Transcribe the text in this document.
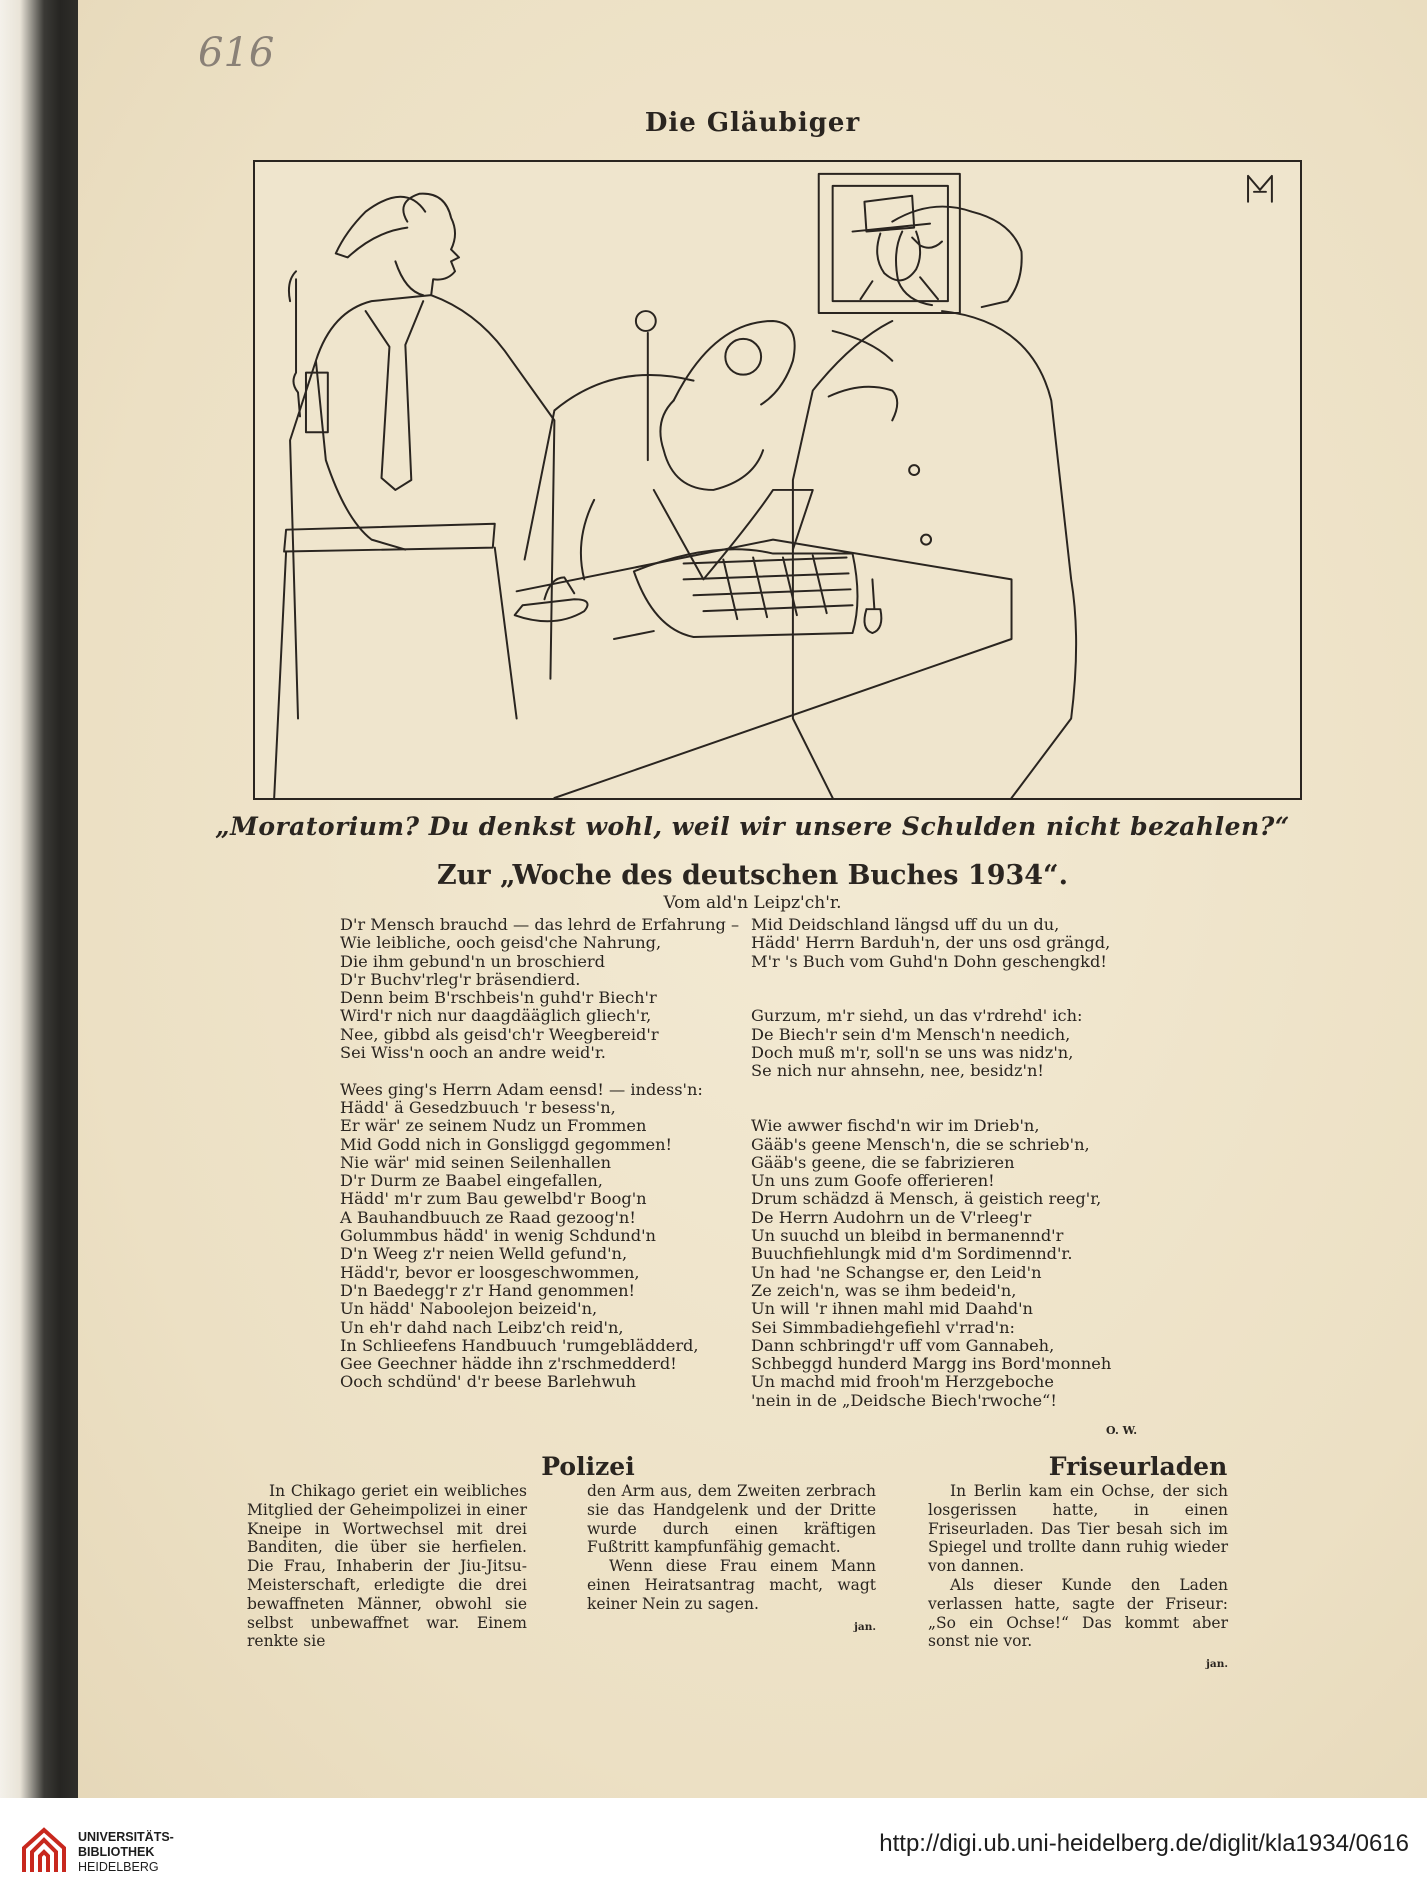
616
Die Gläubiger
„Moratorium? Du denkst wohl, weil wir unsere Schulden nicht bezahlen?“
Zur „Woche des deutschen Buches 1934“.
Vom ald'n Leipz'ch'r.
D'r Mensch brauchd — das lehrd de Erfahrung –
Wie leibliche, ooch geisd'che Nahrung,
Die ihm gebund'n un broschierd
D'r Buchv'rleg'r bräsendierd.
Denn beim B'rschbeis'n guhd'r Biech'r
Wird'r nich nur daagdääglich gliech'r,
Nee, gibbd als geisd'ch'r Weegbereid'r
Sei Wiss'n ooch an andre weid'r.
Wees ging's Herrn Adam eensd! — indess'n:
Hädd' ä Gesedzbuuch 'r besess'n,
Er wär' ze seinem Nudz un Frommen
Mid Godd nich in Gonsliggd gegommen!
Nie wär' mid seinen Seilenhallen
D'r Durm ze Baabel eingefallen,
Hädd' m'r zum Bau gewelbd'r Boog'n
A Bauhandbuuch ze Raad gezoog'n!
Golummbus hädd' in wenig Schdund'n
D'n Weeg z'r neien Welld gefund'n,
Hädd'r, bevor er loosgeschwommen,
D'n Baedegg'r z'r Hand genommen!
Un hädd' Naboolejon beizeid'n,
Un eh'r dahd nach Leibz'ch reid'n,
In Schlieefens Handbuuch 'rumgeblädderd,
Gee Geechner hädde ihn z'rschmedderd!
Ooch schdünd' d'r beese Barlehwuh
Mid Deidschland längsd uff du un du,
Hädd' Herrn Barduh'n, der uns osd grängd,
M'r 's Buch vom Guhd'n Dohn geschengkd!
Gurzum, m'r siehd, un das v'rdrehd' ich:
De Biech'r sein d'm Mensch'n needich,
Doch muß m'r, soll'n se uns was nidz'n,
Se nich nur ahnsehn, nee, besidz'n!
Wie awwer fischd'n wir im Drieb'n,
Gääb's geene Mensch'n, die se schrieb'n,
Gääb's geene, die se fabrizieren
Un uns zum Goofe offerieren!
Drum schädzd ä Mensch, ä geistich reeg'r,
De Herrn Audohrn un de V'rleeg'r
Un suuchd un bleibd in bermanennd'r
Buuchfiehlungk mid d'm Sordimennd'r.
Un had 'ne Schangse er, den Leid'n
Ze zeich'n, was se ihm bedeid'n,
Un will 'r ihnen mahl mid Daahd'n
Sei Simmbadiehgefiehl v'rrad'n:
Dann schbringd'r uff vom Gannabeh,
Schbeggd hunderd Margg ins Bord'monneh
Un machd mid frooh'm Herzgeboche
'nein in de „Deidsche Biech'rwoche“!
O. W.
Polizei	Friseurladen

In Chikago geriet ein weibliches Mitglied der Geheimpolizei in einer Kneipe in Wortwechsel mit drei Banditen, die über sie herfielen. Die Frau, Inhaberin der Jiu-Jitsu-Meisterschaft, erledigte die drei bewaffneten Männer, obwohl sie selbst unbewaffnet war. Einem renkte sie

den Arm aus, dem Zweiten zerbrach sie das Handgelenk und der Dritte wurde durch einen kräftigen Fußtritt kampfunfähig gemacht.

Wenn diese Frau einem Mann einen Heiratsantrag macht, wagt keiner Nein zu sagen.

jan.

In Berlin kam ein Ochse, der sich losgerissen hatte, in einen Friseurladen. Das Tier besah sich im Spiegel und trollte dann ruhig wieder von dannen.

Als dieser Kunde den Laden verlassen hatte, sagte der Friseur: „So ein Ochse!“ Das kommt aber sonst nie vor.

jan.
UNIVERSITÄTS-
BIBLIOTHEK
HEIDELBERG
http://digi.ub.uni-heidelberg.de/diglit/kla1934/0616
